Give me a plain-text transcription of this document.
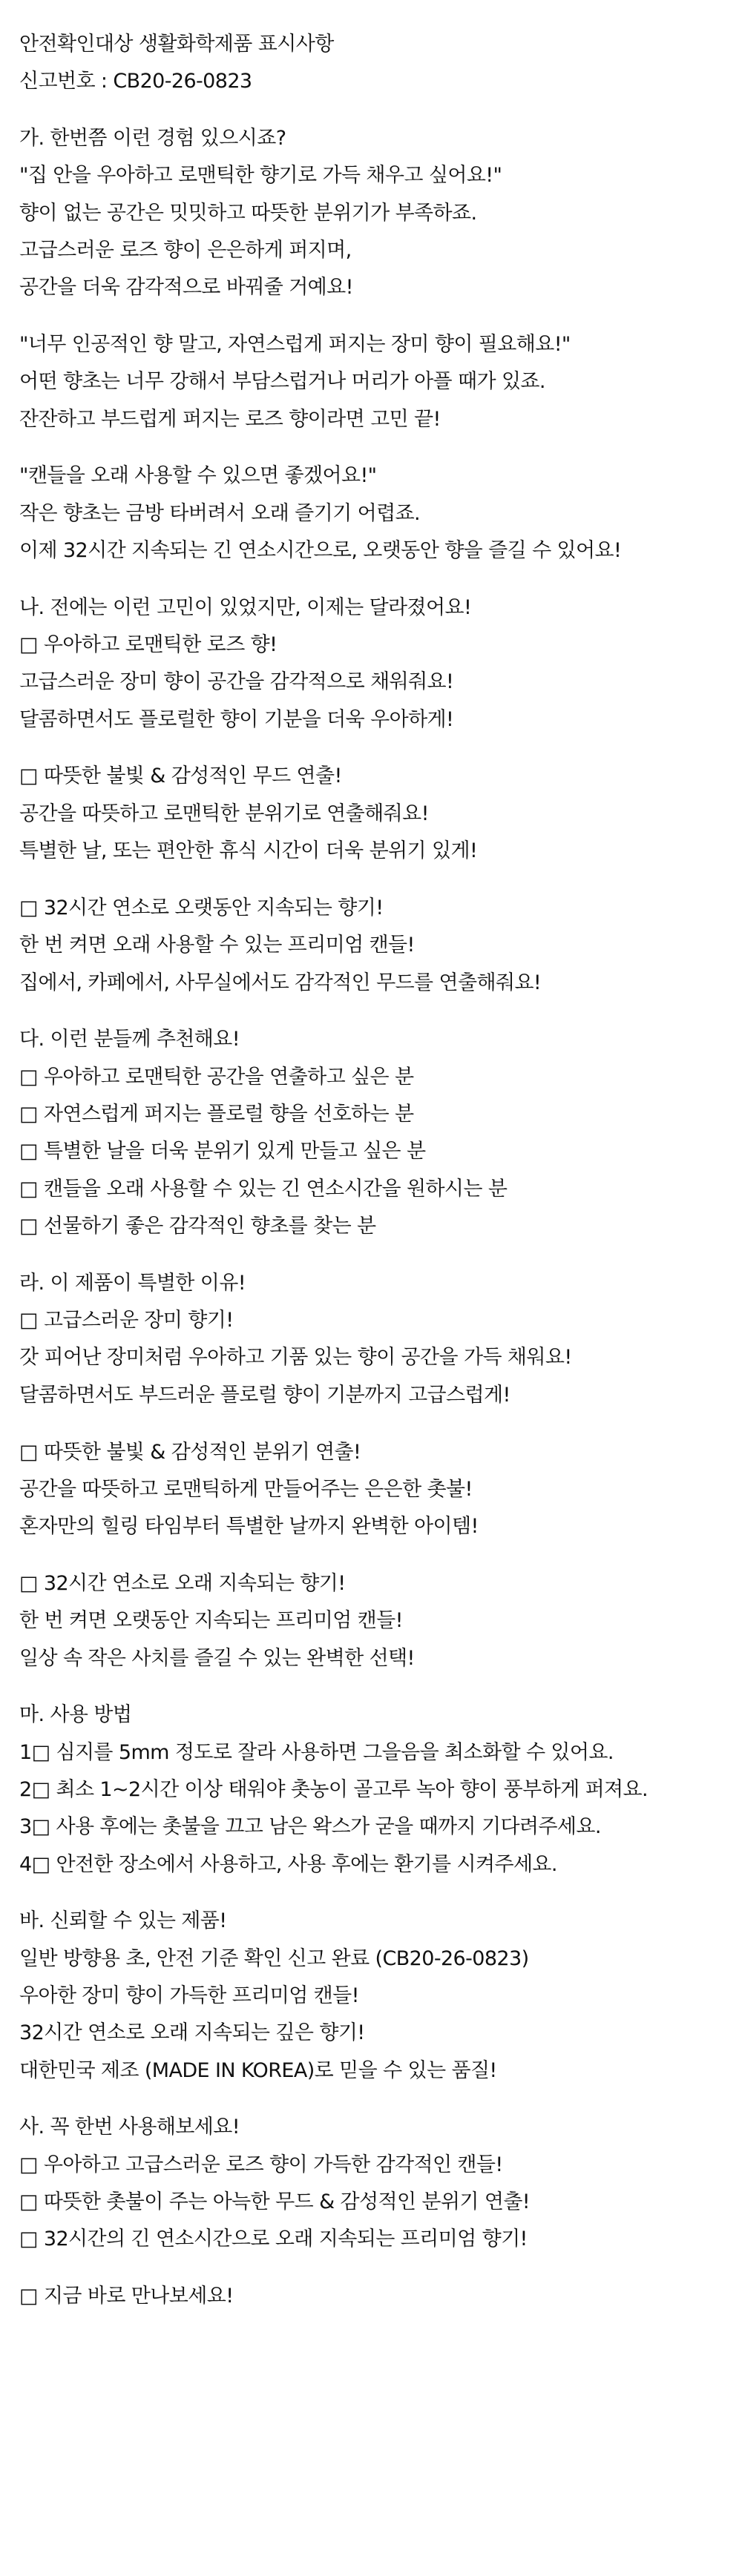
안전확인대상 생활화학제품 표시사항
신고번호 : CB20-26-0823
가. 한번쯤 이런 경험 있으시죠?
"집 안을 우아하고 로맨틱한 향기로 가득 채우고 싶어요!"
향이 없는 공간은 밋밋하고 따뜻한 분위기가 부족하죠.
고급스러운 로즈 향이 은은하게 퍼지며,
공간을 더욱 감각적으로 바꿔줄 거예요!
"너무 인공적인 향 말고, 자연스럽게 퍼지는 장미 향이 필요해요!"
어떤 향초는 너무 강해서 부담스럽거나 머리가 아플 때가 있죠.
잔잔하고 부드럽게 퍼지는 로즈 향이라면 고민 끝!
"캔들을 오래 사용할 수 있으면 좋겠어요!"
작은 향초는 금방 타버려서 오래 즐기기 어렵죠.
이제 32시간 지속되는 긴 연소시간으로, 오랫동안 향을 즐길 수 있어요!
나. 전에는 이런 고민이 있었지만, 이제는 달라졌어요!
□ 우아하고 로맨틱한 로즈 향!
고급스러운 장미 향이 공간을 감각적으로 채워줘요!
달콤하면서도 플로럴한 향이 기분을 더욱 우아하게!
□ 따뜻한 불빛 & 감성적인 무드 연출!
공간을 따뜻하고 로맨틱한 분위기로 연출해줘요!
특별한 날, 또는 편안한 휴식 시간이 더욱 분위기 있게!
□ 32시간 연소로 오랫동안 지속되는 향기!
한 번 켜면 오래 사용할 수 있는 프리미엄 캔들!
집에서, 카페에서, 사무실에서도 감각적인 무드를 연출해줘요!
다. 이런 분들께 추천해요!
□ 우아하고 로맨틱한 공간을 연출하고 싶은 분
□ 자연스럽게 퍼지는 플로럴 향을 선호하는 분
□ 특별한 날을 더욱 분위기 있게 만들고 싶은 분
□ 캔들을 오래 사용할 수 있는 긴 연소시간을 원하시는 분
□ 선물하기 좋은 감각적인 향초를 찾는 분
라. 이 제품이 특별한 이유!
□ 고급스러운 장미 향기!
갓 피어난 장미처럼 우아하고 기품 있는 향이 공간을 가득 채워요!
달콤하면서도 부드러운 플로럴 향이 기분까지 고급스럽게!
□ 따뜻한 불빛 & 감성적인 분위기 연출!
공간을 따뜻하고 로맨틱하게 만들어주는 은은한 촛불!
혼자만의 힐링 타임부터 특별한 날까지 완벽한 아이템!
□ 32시간 연소로 오래 지속되는 향기!
한 번 켜면 오랫동안 지속되는 프리미엄 캔들!
일상 속 작은 사치를 즐길 수 있는 완벽한 선택!
마. 사용 방법
1□ 심지를 5mm 정도로 잘라 사용하면 그을음을 최소화할 수 있어요.
2□ 최소 1~2시간 이상 태워야 촛농이 골고루 녹아 향이 풍부하게 퍼져요.
3□ 사용 후에는 촛불을 끄고 남은 왁스가 굳을 때까지 기다려주세요.
4□ 안전한 장소에서 사용하고, 사용 후에는 환기를 시켜주세요.
바. 신뢰할 수 있는 제품!
일반 방향용 초, 안전 기준 확인 신고 완료 (CB20-26-0823)
우아한 장미 향이 가득한 프리미엄 캔들!
32시간 연소로 오래 지속되는 깊은 향기!
대한민국 제조 (MADE IN KOREA)로 믿을 수 있는 품질!
사. 꼭 한번 사용해보세요!
□ 우아하고 고급스러운 로즈 향이 가득한 감각적인 캔들!
□ 따뜻한 촛불이 주는 아늑한 무드 & 감성적인 분위기 연출!
□ 32시간의 긴 연소시간으로 오래 지속되는 프리미엄 향기!
□ 지금 바로 만나보세요!
